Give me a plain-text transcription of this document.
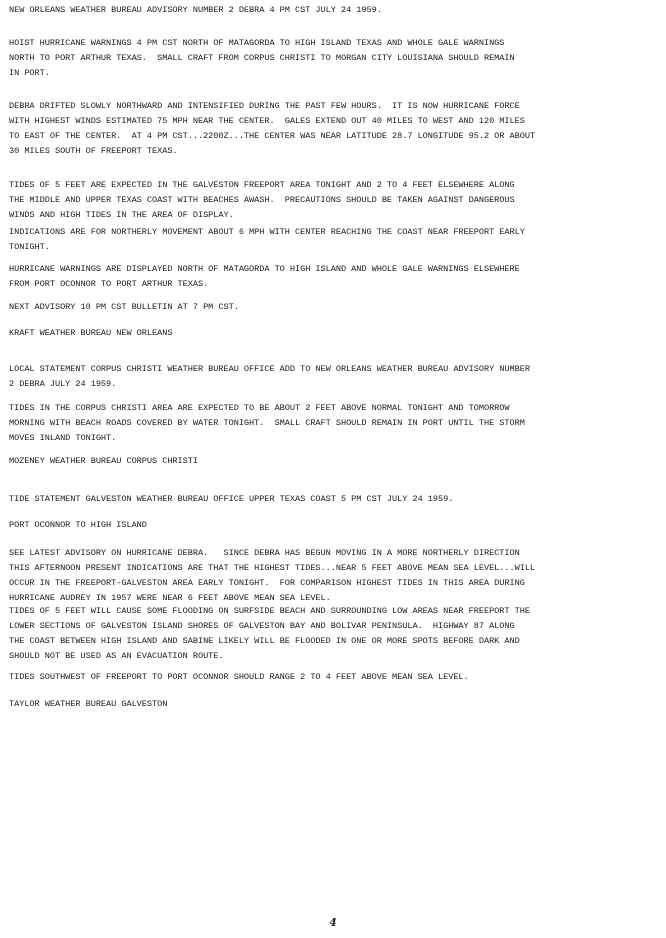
NEW ORLEANS WEATHER BUREAU ADVISORY NUMBER 2 DEBRA 4 PM CST JULY 24 1959.

HOIST HURRICANE WARNINGS 4 PM CST NORTH OF MATAGORDA TO HIGH ISLAND TEXAS AND WHOLE GALE WARNINGS
NORTH TO PORT ARTHUR TEXAS.  SMALL CRAFT FROM CORPUS CHRISTI TO MORGAN CITY LOUISIANA SHOULD REMAIN
IN PORT.

DEBRA DRIFTED SLOWLY NORTHWARD AND INTENSIFIED DURING THE PAST FEW HOURS.  IT IS NOW HURRICANE FORCE
WITH HIGHEST WINDS ESTIMATED 75 MPH NEAR THE CENTER.  GALES EXTEND OUT 40 MILES TO WEST AND 120 MILES
TO EAST OF THE CENTER.  AT 4 PM CST...2200Z...THE CENTER WAS NEAR LATITUDE 28.7 LONGITUDE 95.2 OR ABOUT
30 MILES SOUTH OF FREEPORT TEXAS.

TIDES OF 5 FEET ARE EXPECTED IN THE GALVESTON FREEPORT AREA TONIGHT AND 2 TO 4 FEET ELSEWHERE ALONG
THE MIDDLE AND UPPER TEXAS COAST WITH BEACHES AWASH.  PRECAUTIONS SHOULD BE TAKEN AGAINST DANGEROUS
WINDS AND HIGH TIDES IN THE AREA OF DISPLAY.

INDICATIONS ARE FOR NORTHERLY MOVEMENT ABOUT 6 MPH WITH CENTER REACHING THE COAST NEAR FREEPORT EARLY
TONIGHT.

HURRICANE WARNINGS ARE DISPLAYED NORTH OF MATAGORDA TO HIGH ISLAND AND WHOLE GALE WARNINGS ELSEWHERE
FROM PORT OCONNOR TO PORT ARTHUR TEXAS.

NEXT ADVISORY 10 PM CST BULLETIN AT 7 PM CST.

KRAFT WEATHER BUREAU NEW ORLEANS

LOCAL STATEMENT CORPUS CHRISTI WEATHER BUREAU OFFICE ADD TO NEW ORLEANS WEATHER BUREAU ADVISORY NUMBER
2 DEBRA JULY 24 1959.

TIDES IN THE CORPUS CHRISTI AREA ARE EXPECTED TO BE ABOUT 2 FEET ABOVE NORMAL TONIGHT AND TOMORROW
MORNING WITH BEACH ROADS COVERED BY WATER TONIGHT.  SMALL CRAFT SHOULD REMAIN IN PORT UNTIL THE STORM
MOVES INLAND TONIGHT.

MOZENEY WEATHER BUREAU CORPUS CHRISTI

TIDE STATEMENT GALVESTON WEATHER BUREAU OFFICE UPPER TEXAS COAST 5 PM CST JULY 24 1959.

PORT OCONNOR TO HIGH ISLAND

SEE LATEST ADVISORY ON HURRICANE DEBRA.   SINCE DEBRA HAS BEGUN MOVING IN A MORE NORTHERLY DIRECTION
THIS AFTERNOON PRESENT INDICATIONS ARE THAT THE HIGHEST TIDES...NEAR 5 FEET ABOVE MEAN SEA LEVEL...WILL
OCCUR IN THE FREEPORT-GALVESTON AREA EARLY TONIGHT.  FOR COMPARISON HIGHEST TIDES IN THIS AREA DURING
HURRICANE AUDREY IN 1957 WERE NEAR 6 FEET ABOVE MEAN SEA LEVEL.

TIDES OF 5 FEET WILL CAUSE SOME FLOODING ON SURFSIDE BEACH AND SURROUNDING LOW AREAS NEAR FREEPORT THE
LOWER SECTIONS OF GALVESTON ISLAND SHORES OF GALVESTON BAY AND BOLIVAR PENINSULA.  HIGHWAY 87 ALONG
THE COAST BETWEEN HIGH ISLAND AND SABINE LIKELY WILL BE FLOODED IN ONE OR MORE SPOTS BEFORE DARK AND
SHOULD NOT BE USED AS AN EVACUATION ROUTE.

TIDES SOUTHWEST OF FREEPORT TO PORT OCONNOR SHOULD RANGE 2 TO 4 FEET ABOVE MEAN SEA LEVEL.

TAYLOR WEATHER BUREAU GALVESTON

4
